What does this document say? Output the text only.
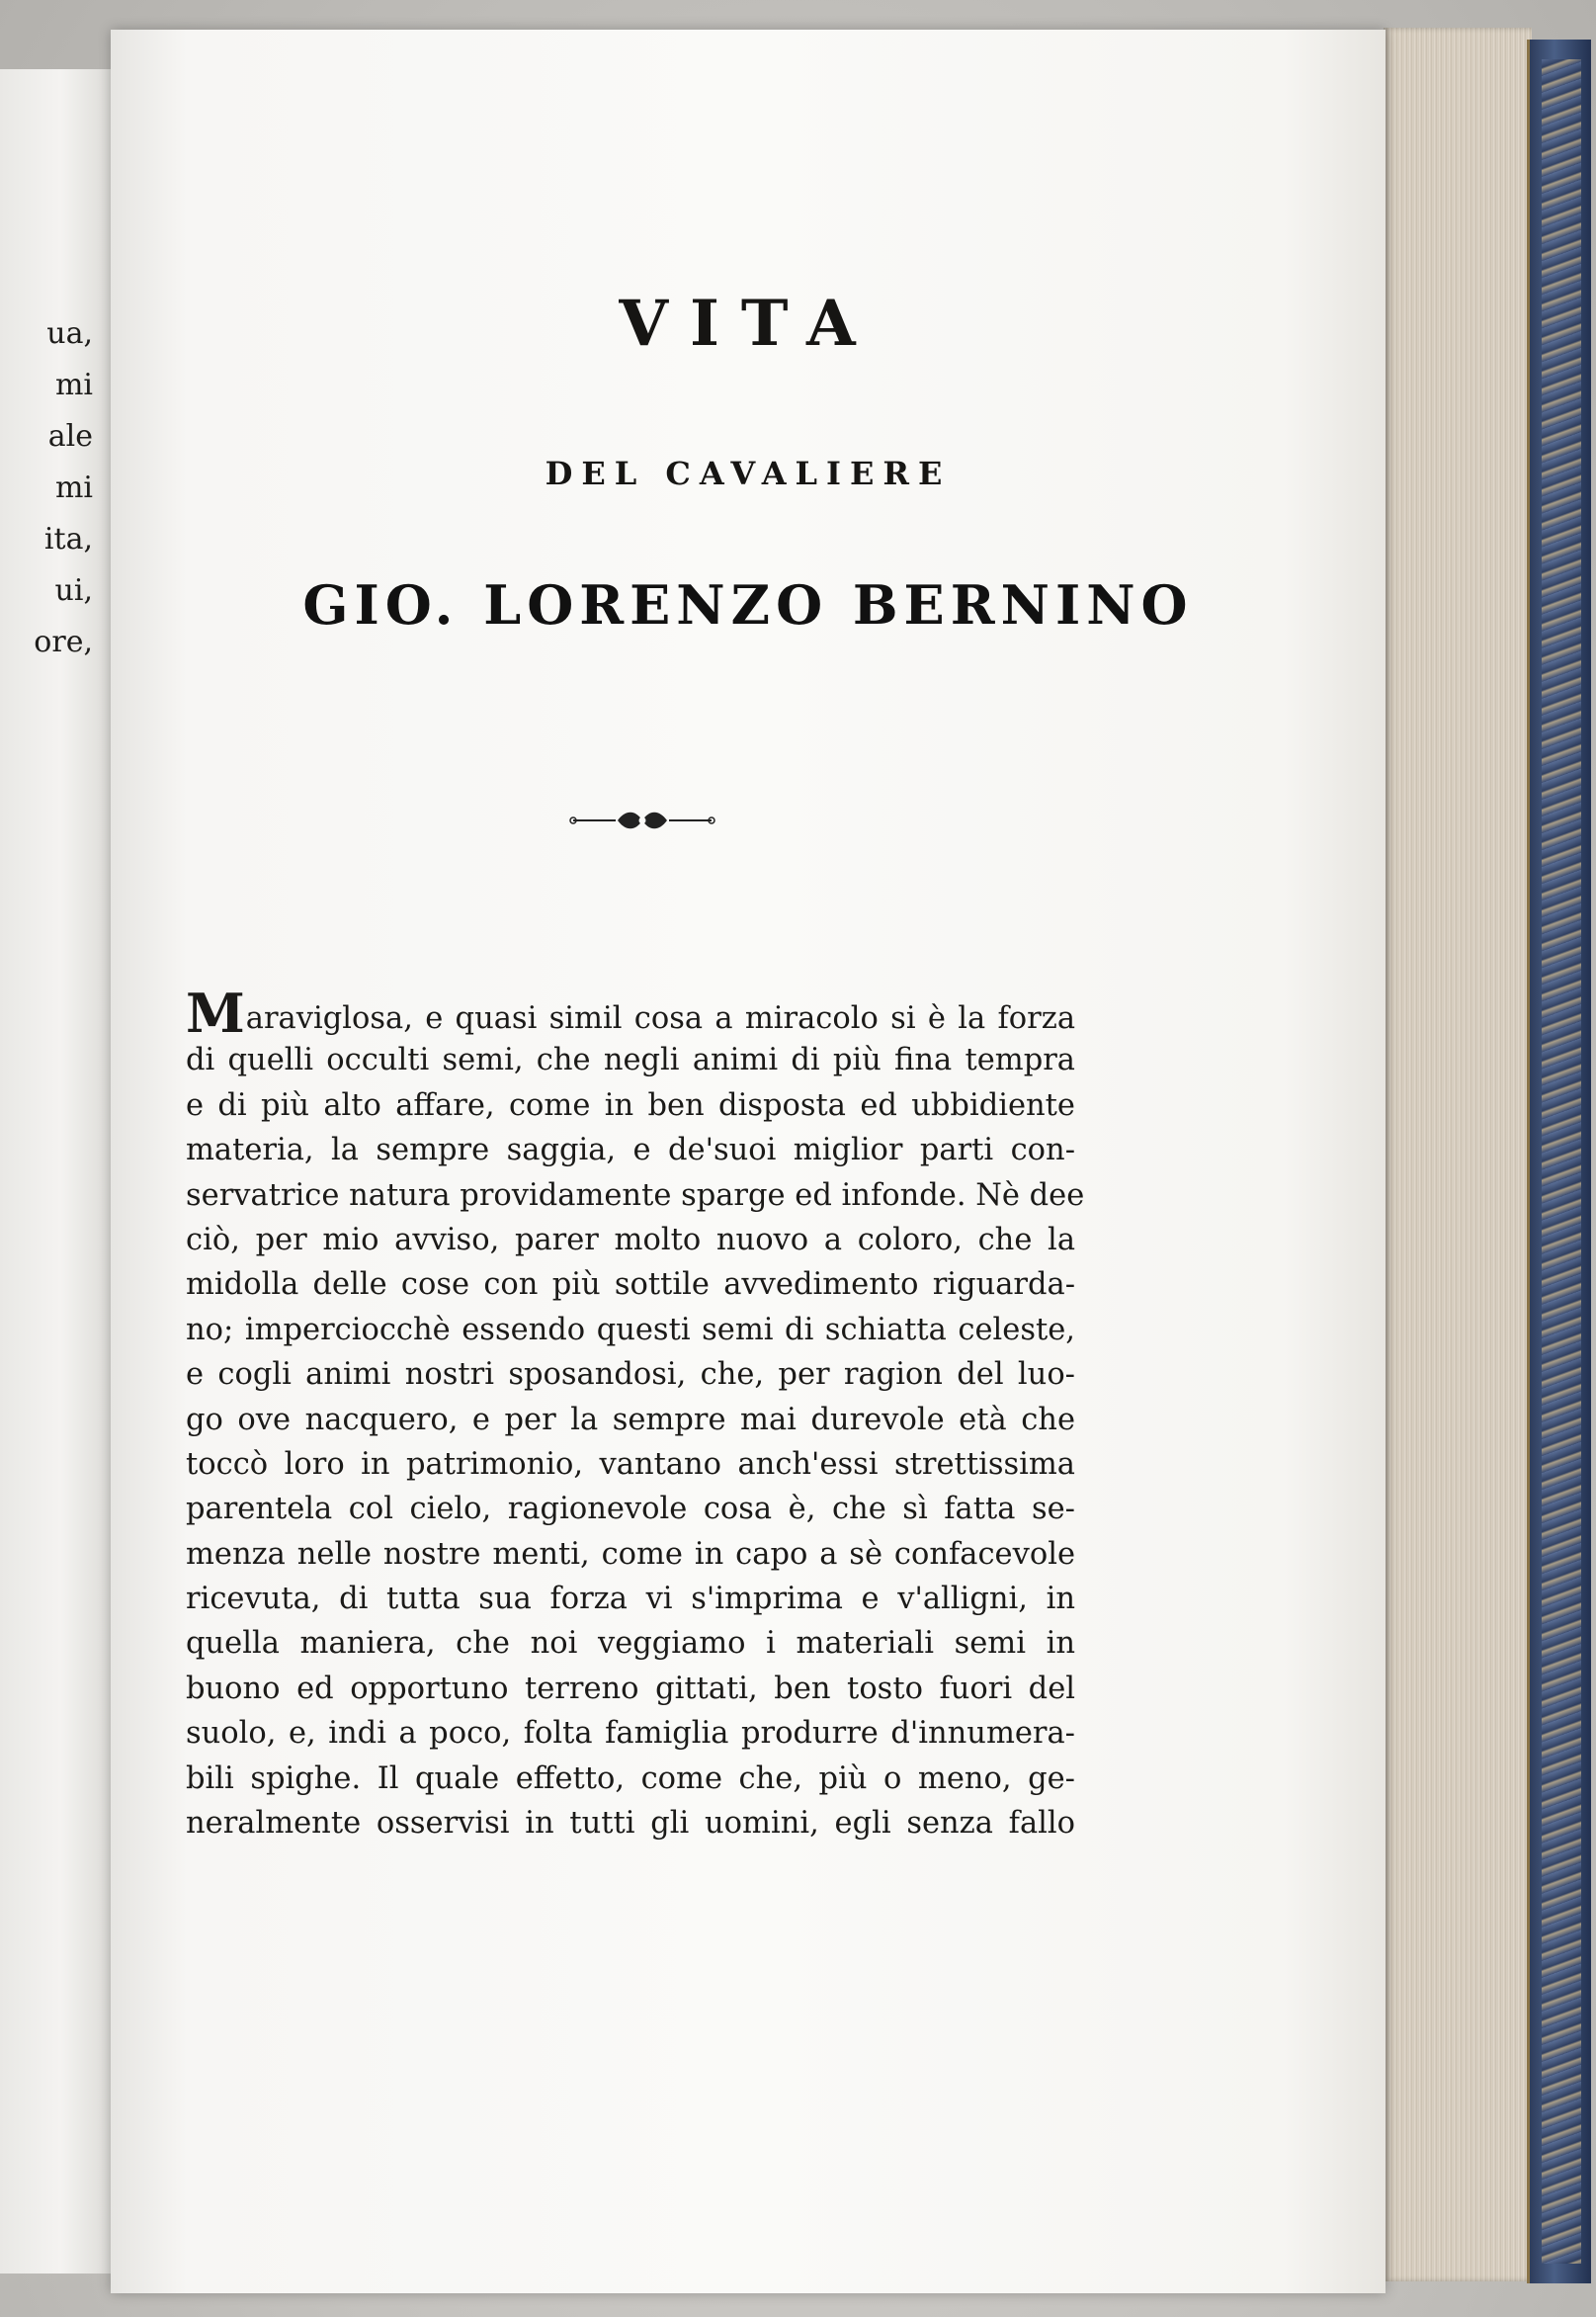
ua,
mi
ale
mi
ita,
ui,
ore,
VITA
DEL CAVALIERE
GIO. LORENZO BERNINO
Maraviglosa, e quasi simil cosa a miracolo si è la forza
di quelli occulti semi, che negli animi di più fina tempra
e di più alto affare, come in ben disposta ed ubbidiente
materia, la sempre saggia, e de'suoi miglior parti con-
servatrice natura providamente sparge ed infonde. Nè dee
ciò, per mio avviso, parer molto nuovo a coloro, che la
midolla delle cose con più sottile avvedimento riguarda-
no; imperciocchè essendo questi semi di schiatta celeste,
e cogli animi nostri sposandosi, che, per ragion del luo-
go ove nacquero, e per la sempre mai durevole età che
toccò loro in patrimonio, vantano anch'essi strettissima
parentela col cielo, ragionevole cosa è, che sì fatta se-
menza nelle nostre menti, come in capo a sè confacevole
ricevuta, di tutta sua forza vi s'imprima e v'alligni, in
quella maniera, che noi veggiamo i materiali semi in
buono ed opportuno terreno gittati, ben tosto fuori del
suolo, e, indi a poco, folta famiglia produrre d'innumera-
bili spighe. Il quale effetto, come che, più o meno, ge-
neralmente osservisi in tutti gli uomini, egli senza fallo
